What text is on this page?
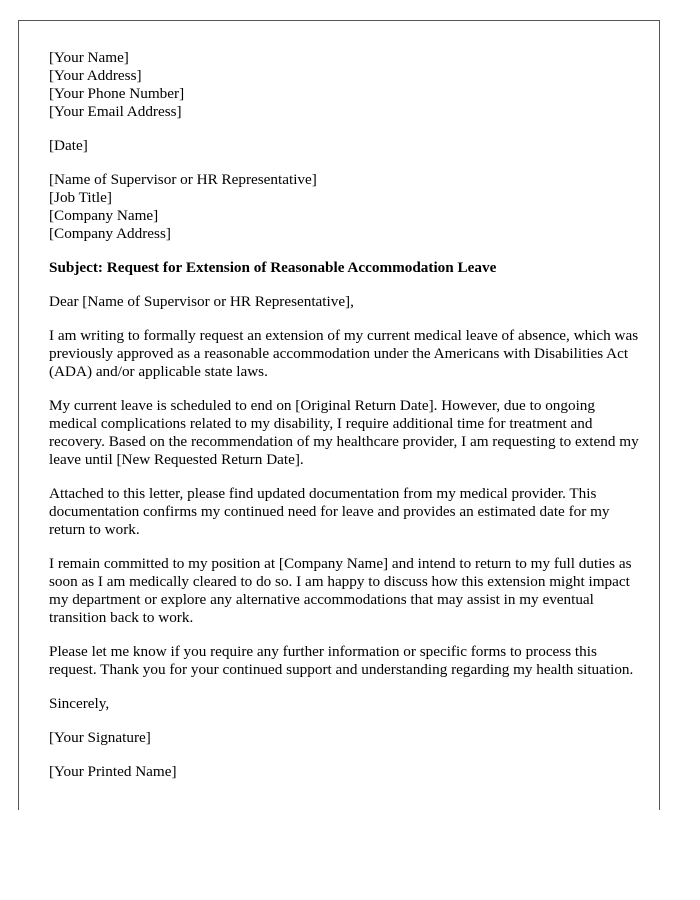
[Your Name]
[Your Address]
[Your Phone Number]
[Your Email Address]
[Date]
[Name of Supervisor or HR Representative]
[Job Title]
[Company Name]
[Company Address]
Subject: Request for Extension of Reasonable Accommodation Leave
Dear [Name of Supervisor or HR Representative],

I am writing to formally request an extension of my current medical leave of absence, which was previously approved as a reasonable accommodation under the Americans with Disabilities Act (ADA) and/or applicable state laws.

My current leave is scheduled to end on [Original Return Date]. However, due to ongoing medical complications related to my disability, I require additional time for treatment and recovery. Based on the recommendation of my healthcare provider, I am requesting to extend my leave until [New Requested Return Date].

Attached to this letter, please find updated documentation from my medical provider. This documentation confirms my continued need for leave and provides an estimated date for my return to work.

I remain committed to my position at [Company Name] and intend to return to my full duties as soon as I am medically cleared to do so. I am happy to discuss how this extension might impact my department or explore any alternative accommodations that may assist in my eventual transition back to work.

Please let me know if you require any further information or specific forms to process this request. Thank you for your continued support and understanding regarding my health situation.

Sincerely,
[Your Signature]
[Your Printed Name]
